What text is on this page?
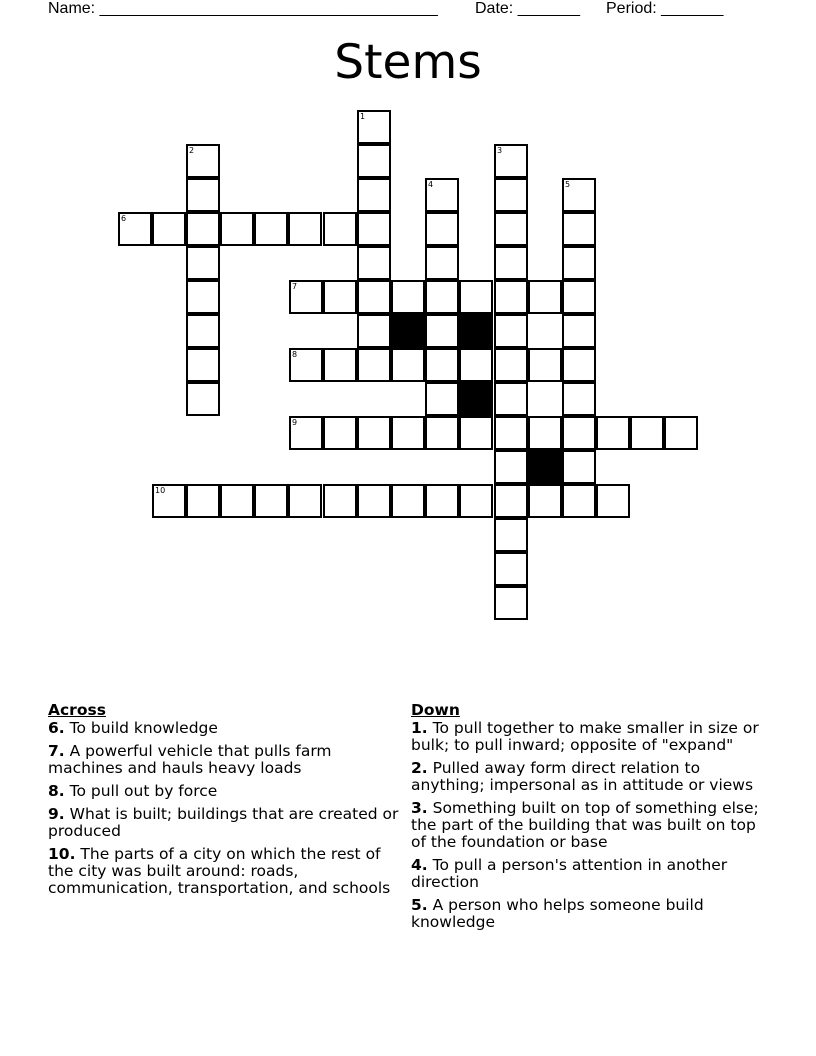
Name: ______________________________________ Date: _______ Period: _______
Stems
1
2	3
4	5
6
7
8
9
10
Across
6. To build knowledge
7. A powerful vehicle that pulls farm machines and hauls heavy loads
8. To pull out by force
9. What is built; buildings that are created or produced
10. The parts of a city on which the rest of the city was built around: roads, communication, transportation, and schools
Down
1. To pull together to make smaller in size or bulk; to pull inward; opposite of "expand"
2. Pulled away form direct relation to anything; impersonal as in attitude or views
3. Something built on top of something else; the part of the building that was built on top of the foundation or base
4. To pull a person's attention in another direction
5. A person who helps someone build knowledge
